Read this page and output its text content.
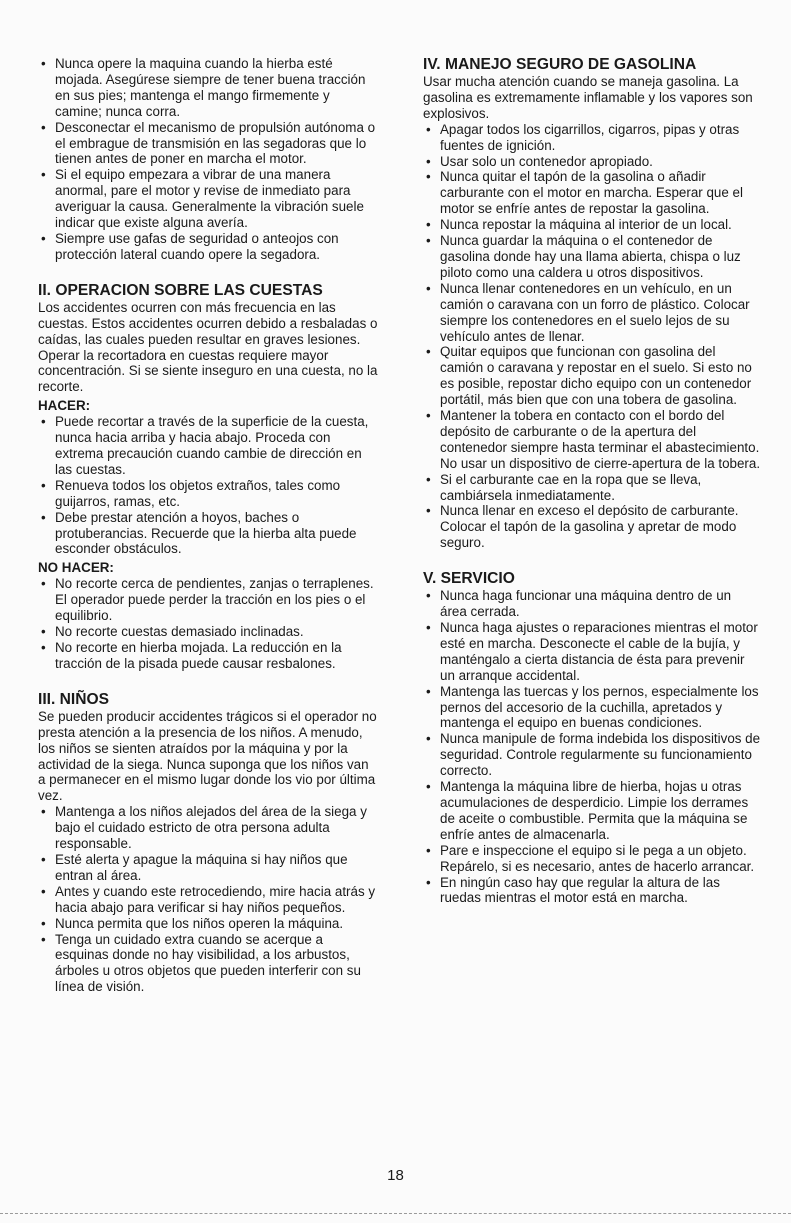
• Nunca opere la maquina cuando la hierba esté mojada. Asegúrese siempre de tener buena tracción en sus pies; mantenga el mango firmemente y camine; nunca corra.
• Desconectar el mecanismo de propulsión autónoma o el embrague de transmisión en las segadoras que lo tienen antes de poner en marcha el motor.
• Si el equipo empezara a vibrar de una manera anormal, pare el motor y revise de inmediato para averiguar la causa. Generalmente la vibración suele indicar que existe alguna avería.
• Siempre use gafas de seguridad o anteojos con protección lateral cuando opere la segadora.
II. OPERACION SOBRE LAS CUESTAS

Los accidentes ocurren con más frecuencia en las cuestas. Estos accidentes ocurren debido a resbaladas o caídas, las cuales pueden resultar en graves lesiones. Operar la recortadora en cuestas requiere mayor concentración. Si se siente inseguro en una cuesta, no la recorte.

HACER:
• Puede recortar a través de la superficie de la cuesta, nunca hacia arriba y hacia abajo. Proceda con extrema precaución cuando cambie de dirección en las cuestas.
• Renueva todos los objetos extraños, tales como guijarros, ramas, etc.
• Debe prestar atención a hoyos, baches o protuberancias. Recuerde que la hierba alta puede esconder obstáculos.
NO HACER:
• No recorte cerca de pendientes, zanjas o terraplenes. El operador puede perder la tracción en los pies o el equilibrio.
• No recorte cuestas demasiado inclinadas.
• No recorte en hierba mojada. La reducción en la tracción de la pisada puede causar resbalones.
III. NIÑOS

Se pueden producir accidentes trágicos si el operador no presta atención a la presencia de los niños. A menudo, los niños se sienten atraídos por la máquina y por la actividad de la siega. Nunca suponga que los niños van a permanecer en el mismo lugar donde los vio por última vez.

• Mantenga a los niños alejados del área de la siega y bajo el cuidado estricto de otra persona adulta responsable.
• Esté alerta y apague la máquina si hay niños que entran al área.
• Antes y cuando este retrocediendo, mire hacia atrás y hacia abajo para verificar si hay niños pequeños.
• Nunca permita que los niños operen la máquina.
• Tenga un cuidado extra cuando se acerque a esquinas donde no hay visibilidad, a los arbustos, árboles u otros objetos que pueden interferir con su línea de visión.
IV. MANEJO SEGURO DE GASOLINA

Usar mucha atención cuando se maneja gasolina. La gasolina es extremamente inflamable y los vapores son explosivos.

• Apagar todos los cigarrillos, cigarros, pipas y otras fuentes de ignición.
• Usar solo un contenedor apropiado.
• Nunca quitar el tapón de la gasolina o añadir carburante con el motor en marcha. Esperar que el motor se enfríe antes de repostar la gasolina.
• Nunca repostar la máquina al interior de un local.
• Nunca guardar la máquina o el contenedor de gasolina donde hay una llama abierta, chispa o luz piloto como una caldera u otros dispositivos.
• Nunca llenar contenedores en un vehículo, en un camión o caravana con un forro de plástico. Colocar siempre los contenedores en el suelo lejos de su vehículo antes de llenar.
• Quitar equipos que funcionan con gasolina del camión o caravana y repostar en el suelo. Si esto no es posible, repostar dicho equipo con un contenedor portátil, más bien que con una tobera de gasolina.
• Mantener la tobera en contacto con el bordo del depósito de carburante o de la apertura del contenedor siempre hasta terminar el abastecimiento. No usar un dispositivo de cierre-apertura de la tobera.
• Si el carburante cae en la ropa que se lleva, cambiársela inmediatamente.
• Nunca llenar en exceso el depósito de carburante. Colocar el tapón de la gasolina y apretar de modo seguro.
V. SERVICIO
• Nunca haga funcionar una máquina dentro de un área cerrada.
• Nunca haga ajustes o reparaciones mientras el motor esté en marcha. Desconecte el cable de la bujía, y manténgalo a cierta distancia de ésta para prevenir un arranque accidental.
• Mantenga las tuercas y los pernos, especialmente los pernos del accesorio de la cuchilla, apretados y mantenga el equipo en buenas condiciones.
• Nunca manipule de forma indebida los dispositivos de seguridad. Controle regularmente su funcionamiento correcto.
• Mantenga la máquina libre de hierba, hojas u otras acumulaciones de desperdicio. Limpie los derrames de aceite o combustible. Permita que la máquina se enfríe antes de almacenarla.
• Pare e inspeccione el equipo si le pega a un objeto. Repárelo, si es necesario, antes de hacerlo arrancar.
• En ningún caso hay que regular la altura de las ruedas mientras el motor está en marcha.
18
